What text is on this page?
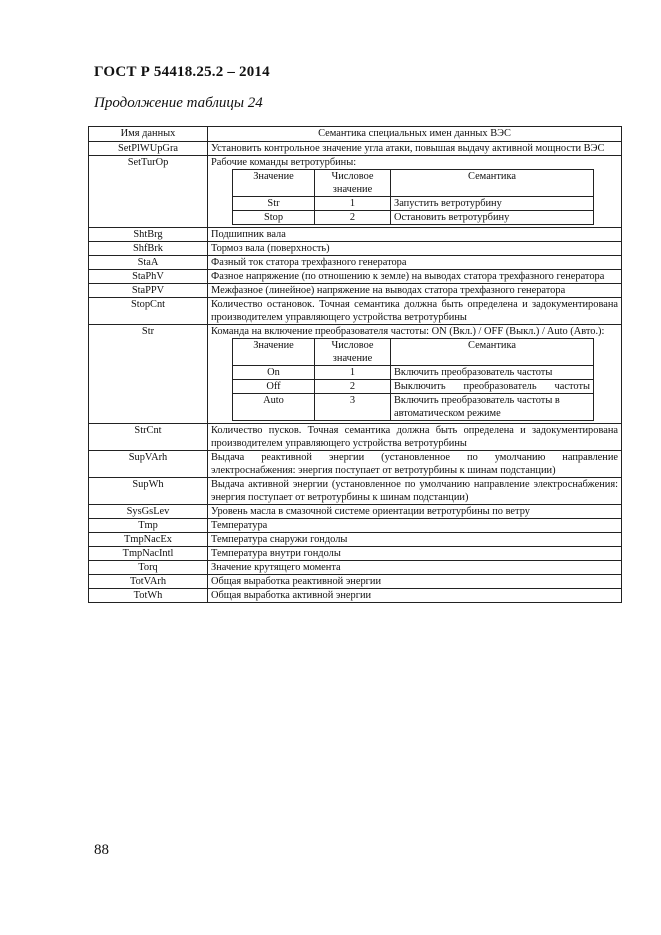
ГОСТ Р 54418.25.2 – 2014
Продолжение таблицы 24
Имя данных	Семантика специальных имен данных ВЭС
SetPlWUpGra	Установить контрольное значение угла атаки, повышая выдачу активной мощности ВЭС
SetTurOp	Рабочие команды ветротурбины:
Значение	Числовое значение	Семантика
Str	1	Запустить ветротурбину
Stop	2	Остановить ветротурбину

ShtBrg	Подшипник вала
ShfBrk	Тормоз вала (поверхность)
StaA	Фазный ток статора трехфазного генератора
StaPhV	Фазное напряжение (по отношению к земле) на выводах статора трехфазного генератора
StaPPV	Межфазное (линейное) напряжение на выводах статора трехфазного генератора
StopCnt	Количество остановок. Точная семантика должна быть определена и задокументирована производителем управляющего устройства ветротурбины
Str	Команда на включение преобразователя частоты: ON (Вкл.) / OFF (Выкл.) / Auto (Авто.):
Значение	Числовое значение	Семантика
On	1	Включить преобразователь частоты
Off	2	Выключить преобразователь частоты
Auto	3	Включить преобразователь частоты в автоматическом режиме

StrCnt	Количество пусков. Точная семантика должна быть определена и задокументирована производителем управляющего устройства ветротурбины
SupVArh	Выдача реактивной энергии (установленное по умолчанию направление электроснабжения: энергия поступает от ветротурбины к шинам подстанции)
SupWh	Выдача активной энергии (установленное по умолчанию направление электроснабжения: энергия поступает от ветротурбины к шинам подстанции)
SysGsLev	Уровень масла в смазочной системе ориентации ветротурбины по ветру
Tmp	Температура
TmpNacEx	Температура снаружи гондолы
TmpNacIntl	Температура внутри гондолы
Torq	Значение крутящего момента
TotVArh	Общая выработка реактивной энергии
TotWh	Общая выработка активной энергии
88
